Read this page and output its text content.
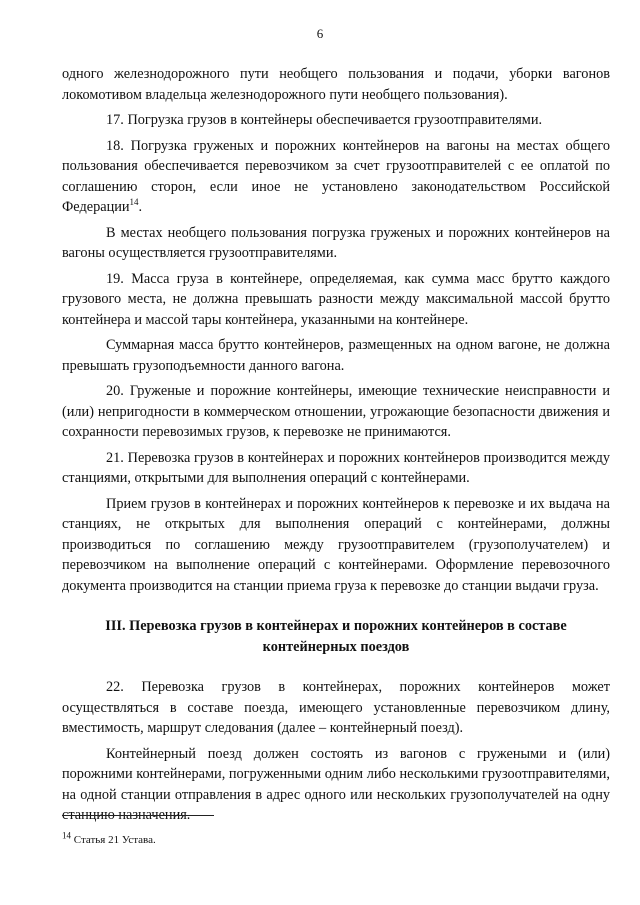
6

одного железнодорожного пути необщего пользования и подачи, уборки вагонов локомотивом владельца железнодорожного пути необщего пользования).

17. Погрузка грузов в контейнеры обеспечивается грузоотправителями.

18. Погрузка груженых и порожних контейнеров на вагоны на местах общего пользования обеспечивается перевозчиком за счет грузоотправителей с ее оплатой по соглашению сторон, если иное не установлено законодательством Российской Федерации$^{14}$.

В местах необщего пользования погрузка груженых и порожних контейнеров на вагоны осуществляется грузоотправителями.

19. Масса груза в контейнере, определяемая, как сумма масс брутто каждого грузового места, не должна превышать разности между максимальной массой брутто контейнера и массой тары контейнера, указанными на контейнере.

Суммарная масса брутто контейнеров, размещенных на одном вагоне, не должна превышать грузоподъемности данного вагона.

20. Груженые и порожние контейнеры, имеющие технические неисправности и (или) непригодности в коммерческом отношении, угрожающие безопасности движения и сохранности перевозимых грузов, к перевозке не принимаются.

21. Перевозка грузов в контейнерах и порожних контейнеров производится между станциями, открытыми для выполнения операций с контейнерами.

Прием грузов в контейнерах и порожних контейнеров к перевозке и их выдача на станциях, не открытых для выполнения операций с контейнерами, должны производиться по соглашению между грузоотправителем (грузополучателем) и перевозчиком на выполнение операций с контейнерами. Оформление перевозочного документа производится на станции приема груза к перевозке до станции выдачи груза.

III. Перевозка грузов в контейнерах и порожних контейнеров в составе контейнерных поездов

22. Перевозка грузов в контейнерах, порожних контейнеров может осуществляться в составе поезда, имеющего установленные перевозчиком длину, вместимость, маршрут следования (далее – контейнерный поезд).

Контейнерный поезд должен состоять из вагонов с гружеными и (или) порожними контейнерами, погруженными одним либо несколькими грузоотправителями, на одной станции отправления в адрес одного или нескольких грузополучателей на одну станцию назначения.

$^{14}$ Статья 21 Устава.
